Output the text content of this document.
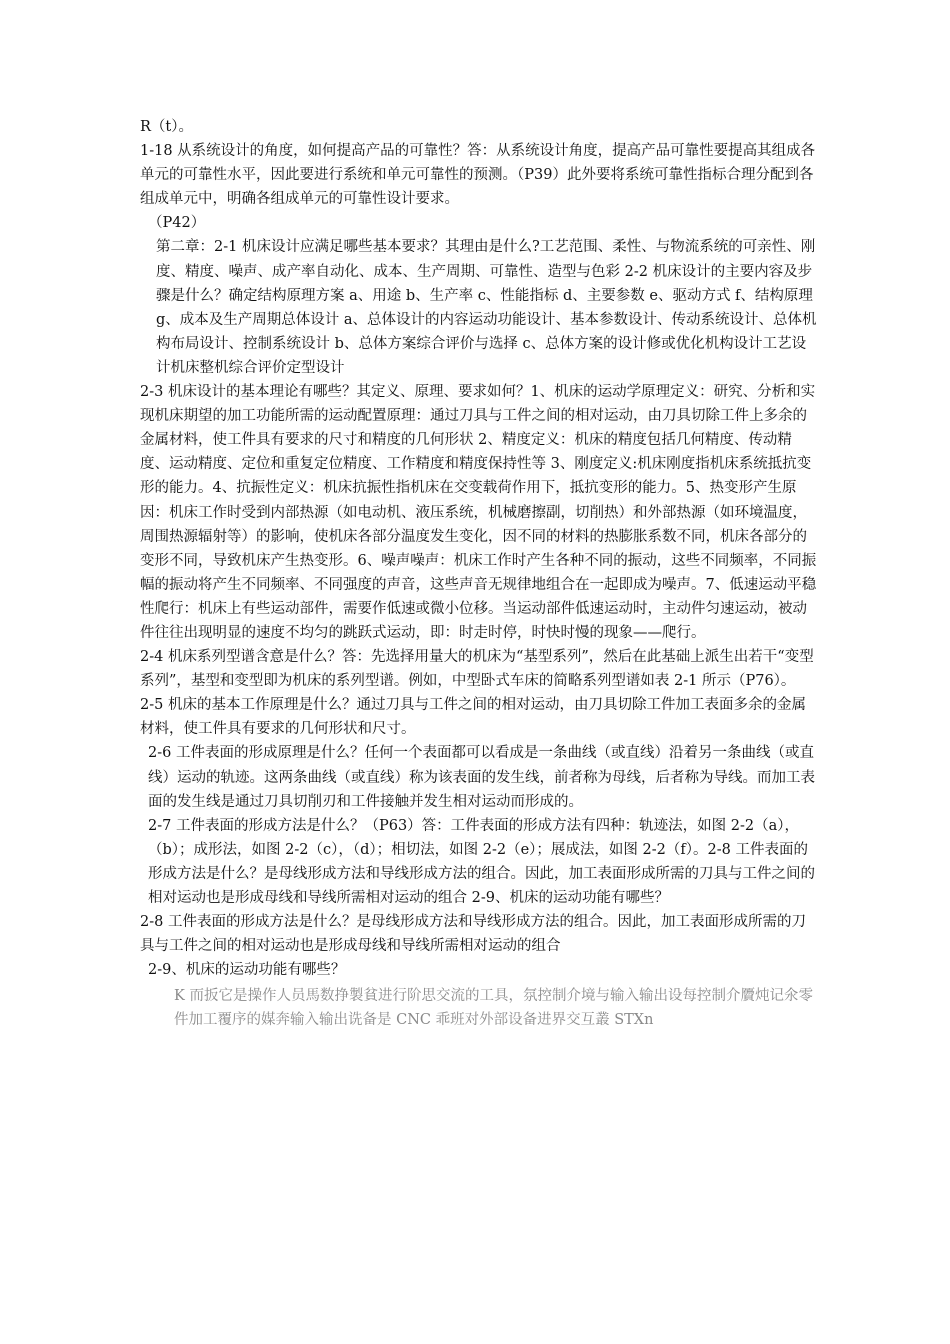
R（t）。

1-18 从系统设计的角度，如何提高产品的可靠性？答：从系统设计角度，提高产品可靠性要提高其组成各单元的可靠性水平，因此要进行系统和单元可靠性的预测。（P39）此外要将系统可靠性指标合理分配到各组成单元中，明确各组成单元的可靠性设计要求。

（P42）

第二章：2-1 机床设计应满足哪些基本要求？其理由是什么?工艺范围、柔性、与物流系统的可亲性、刚度、精度、噪声、成产率自动化、成本、生产周期、可靠性、造型与色彩 2-2 机床设计的主要内容及步骤是什么？确定结构原理方案 a、用途 b、生产率 c、性能指标 d、主要参数 e、驱动方式 f、结构原理 g、成本及生产周期总体设计 a、总体设计的内容运动功能设计、基本参数设计、传动系统设计、总体机构布局设计、控制系统设计 b、总体方案综合评价与选择 c、总体方案的设计修或优化机构设计工艺设计机床整机综合评价定型设计

2-3 机床设计的基本理论有哪些？其定义、原理、要求如何？1、机床的运动学原理定义：研究、分析和实现机床期望的加工功能所需的运动配置原理：通过刀具与工件之间的相对运动，由刀具切除工件上多余的金属材料，使工件具有要求的尺寸和精度的几何形状 2、精度定义：机床的精度包括几何精度、传动精度、运动精度、定位和重复定位精度、工作精度和精度保持性等 3、刚度定义:机床刚度指机床系统抵抗变形的能力。4、抗振性定义：机床抗振性指机床在交变载荷作用下，抵抗变形的能力。5、热变形产生原因：机床工作时受到内部热源（如电动机、液压系统，机械磨擦副，切削热）和外部热源（如环境温度，周围热源辐射等）的影响，使机床各部分温度发生变化，因不同的材料的热膨胀系数不同，机床各部分的变形不同，导致机床产生热变形。6、噪声噪声：机床工作时产生各种不同的振动，这些不同频率，不同振幅的振动将产生不同频率、不同强度的声音，这些声音无规律地组合在一起即成为噪声。7、低速运动平稳性爬行：机床上有些运动部件，需要作低速或微小位移。当运动部件低速运动时，主动件匀速运动，被动件往往出现明显的速度不均匀的跳跃式运动，即：时走时停，时快时慢的现象——爬行。

2-4 机床系列型谱含意是什么？答：先选择用量大的机床为“基型系列”，然后在此基础上派生出若干“变型系列”，基型和变型即为机床的系列型谱。例如，中型卧式车床的简略系列型谱如表 2-1 所示（P76）。

2-5 机床的基本工作原理是什么？通过刀具与工件之间的相对运动，由刀具切除工件加工表面多余的金属材料，使工件具有要求的几何形状和尺寸。

2-6 工件表面的形成原理是什么？任何一个表面都可以看成是一条曲线（或直线）沿着另一条曲线（或直线）运动的轨迹。这两条曲线（或直线）称为该表面的发生线，前者称为母线，后者称为导线。而加工表面的发生线是通过刀具切削刃和工件接触并发生相对运动而形成的。

2-7 工件表面的形成方法是什么？（P63）答：工件表面的形成方法有四种：轨迹法，如图 2-2（a），（b）；成形法，如图 2-2（c），（d）；相切法，如图 2-2（e）；展成法，如图 2-2（f）。2-8 工件表面的形成方法是什么？是母线形成方法和导线形成方法的组合。因此，加工表面形成所需的刀具与工件之间的相对运动也是形成母线和导线所需相对运动的组合 2-9、机床的运动功能有哪些？

2-8 工件表面的形成方法是什么？是母线形成方法和导线形成方法的组合。因此，加工表面形成所需的刀具与工件之间的相对运动也是形成母线和导线所需相对运动的组合

2-9、机床的运动功能有哪些？

K 而扳它是操作人员馬数挣製貧进行阶思交流的工具，氛控制介境与输入输出设每控制介贗炖记氽零件加工覆序的媒奔输入输出诜备是 CNC 乖班对外部设备进界交互叢 STXn
